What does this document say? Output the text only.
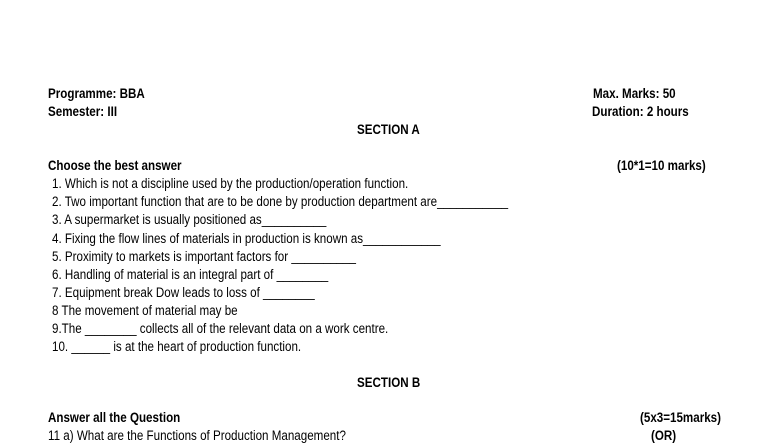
Programme: BBA	Max. Marks: 50
Semester: III	Duration: 2 hours
SECTION A
Choose the best answer	(10*1=10 marks)
1. Which is not a discipline used by the production/operation function.
2. Two important function that are to be done by production department are___________
3. A supermarket is usually positioned as__________
4. Fixing the flow lines of materials in production is known as____________
5. Proximity to markets is important factors for __________
6. Handling of material is an integral part of ________
7. Equipment break Dow leads to loss of ________
8 The movement of material may be
9.The ________ collects all of the relevant data on a work centre.
10. ______ is at the heart of production function.
SECTION B
Answer all the Question	(5x3=15marks)
11 a) What are the Functions of Production Management?	(OR)
